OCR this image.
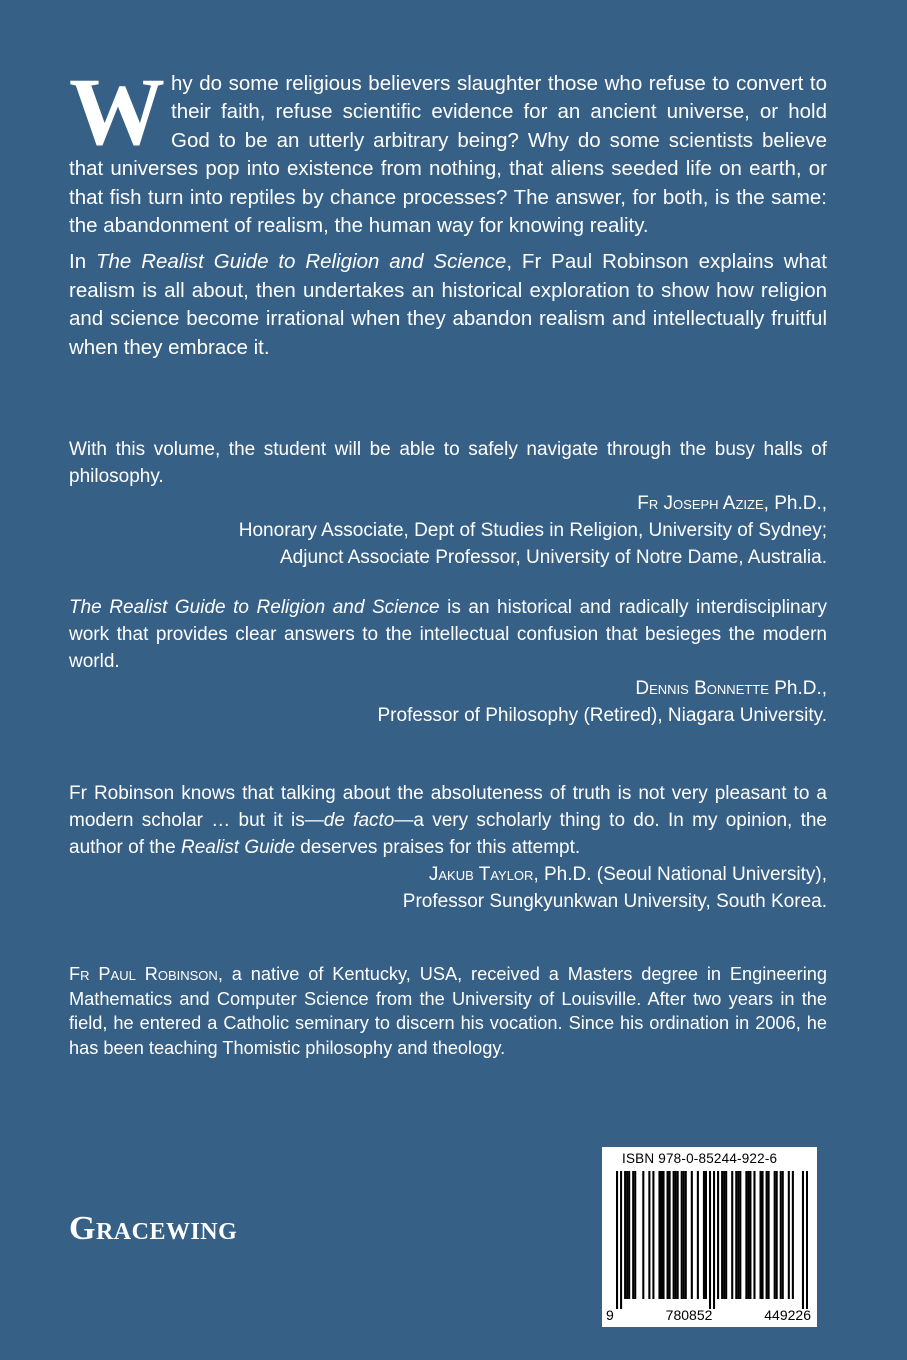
Why do some religious believers slaughter those who refuse to convert to their faith, refuse scientific evidence for an ancient universe, or hold God to be an utterly arbitrary being? Why do some scientists believe that universes pop into existence from nothing, that aliens seeded life on earth, or that fish turn into reptiles by chance processes? The answer, for both, is the same: the abandonment of realism, the human way for knowing reality.

In The Realist Guide to Religion and Science, Fr Paul Robinson explains what realism is all about, then undertakes an historical exploration to show how religion and science become irrational when they abandon realism and intellectually fruitful when they embrace it.

With this volume, the student will be able to safely navigate through the busy halls of philosophy.

Fr Joseph Azize, Ph.D.,
Honorary Associate, Dept of Studies in Religion, University of Sydney;
Adjunct Associate Professor, University of Notre Dame, Australia.

The Realist Guide to Religion and Science is an historical and radically interdisciplinary work that provides clear answers to the intellectual confusion that besieges the modern world.

Dennis Bonnette Ph.D.,
Professor of Philosophy (Retired), Niagara University.

Fr Robinson knows that talking about the absoluteness of truth is not very pleasant to a modern scholar … but it is—de facto—a very scholarly thing to do. In my opinion, the author of the Realist Guide deserves praises for this attempt.

Jakub Taylor, Ph.D. (Seoul National University),
Professor Sungkyunkwan University, South Korea.

Fr Paul Robinson, a native of Kentucky, USA, received a Masters degree in Engineering Mathematics and Computer Science from the University of Louisville. After two years in the field, he entered a Catholic seminary to discern his vocation. Since his ordination in 2006, he has been teaching Thomistic philosophy and theology.

Gracewing
ISBN 978-0-85244-922-6
9	780852	449226
